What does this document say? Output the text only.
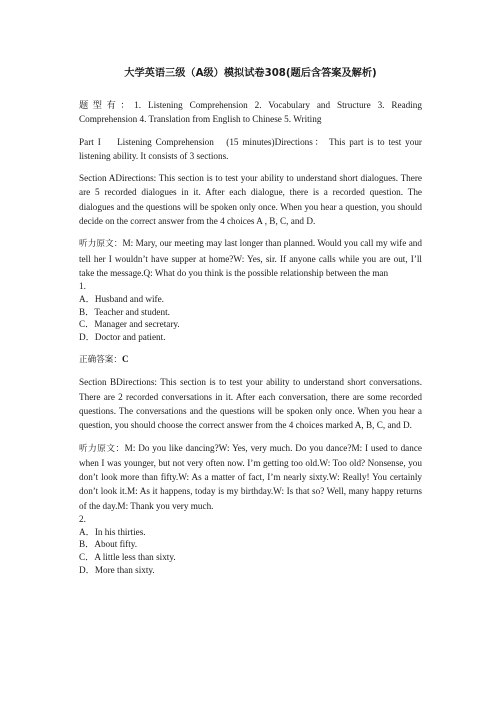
大学英语三级（A级）模拟试卷308(题后含答案及解析)

题型有：1. Listening Comprehension 2. Vocabulary and Structure 3. Reading Comprehension 4. Translation from English to Chinese 5. Writing

Part I　 Listening Comprehension　(15 minutes)Directions： This part is to test your listening ability. It consists of 3 sections.

Section ADirections: This section is to test your ability to understand short dialogues. There are 5 recorded dialogues in it. After each dialogue, there is a recorded question. The dialogues and the questions will be spoken only once. When you hear a question, you should decide on the correct answer from the 4 choices A , B, C, and D.

听力原文：M: Mary, our meeting may last longer than planned. Would you call my wife and tell her I wouldn’t have supper at home?W: Yes, sir. If anyone calls while you are out, I’ll take the message.Q: What do you think is the possible relationship between the man

1.

A．Husband and wife.

B．Teacher and student.

C．Manager and secretary.

D．Doctor and patient.

正确答案：C

Section BDirections: This section is to test your ability to understand short conversations. There are 2 recorded conversations in it. After each conversation, there are some recorded questions. The conversations and the questions will be spoken only once. When you hear a question, you should choose the correct answer from the 4 choices marked A, B, C, and D.

听力原文：M: Do you like dancing?W: Yes, very much. Do you dance?M: I used to dance when I was younger, but not very often now. I’m getting too old.W: Too old? Nonsense, you don’t look more than fifty.W: As a matter of fact, I’m nearly sixty.W: Really! You certainly don’t look it.M: As it happens, today is my birthday.W: Is that so? Well, many happy returns of the day.M: Thank you very much.

2.

A．In his thirties.

B．About fifty.

C．A little less than sixty.

D．More than sixty.
